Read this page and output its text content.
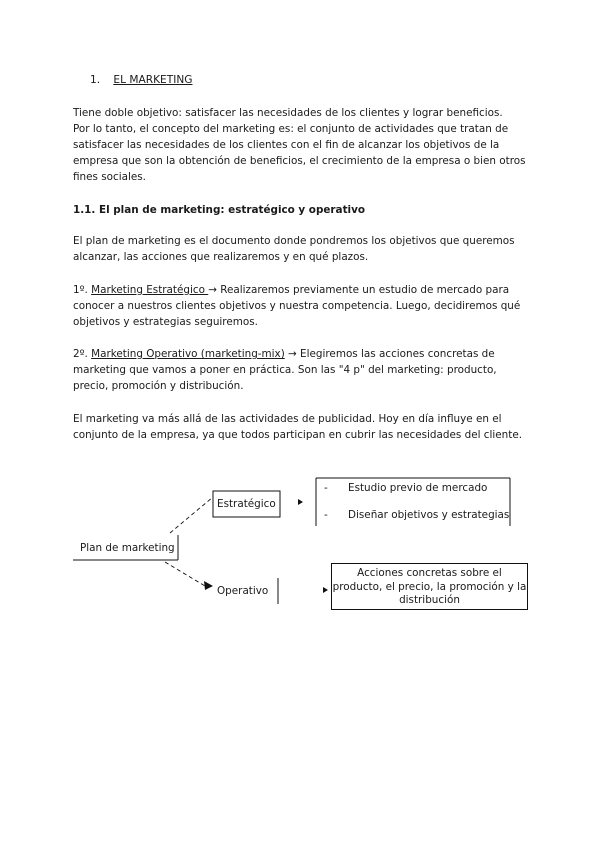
1. EL MARKETING
Tiene doble objetivo: satisfacer las necesidades de los clientes y lograr beneficios.
Por lo tanto, el concepto del marketing es: el conjunto de actividades que tratan de satisfacer las necesidades de los clientes con el fin de alcanzar los objetivos de la empresa que son la obtención de beneficios, el crecimiento de la empresa o bien otros fines sociales.
1.1. El plan de marketing: estratégico y operativo
El plan de marketing es el documento donde pondremos los objetivos que queremos alcanzar, las acciones que realizaremos y en qué plazos.
1º. Marketing Estratégico → Realizaremos previamente un estudio de mercado para conocer a nuestros clientes objetivos y nuestra competencia. Luego, decidiremos qué objetivos y estrategias seguiremos.
2º. Marketing Operativo (marketing-mix) → Elegiremos las acciones concretas de marketing que vamos a poner en práctica. Son las "4 p" del marketing: producto, precio, promoción y distribución.
El marketing va más allá de las actividades de publicidad. Hoy en día influye en el conjunto de la empresa, ya que todos participan en cubrir las necesidades del cliente.
Plan de marketing
Estratégico
Operativo
- Estudio previo de mercado
- Diseñar objetivos y estrategias
Acciones concretas sobre el producto, el precio, la promoción y la distribución
